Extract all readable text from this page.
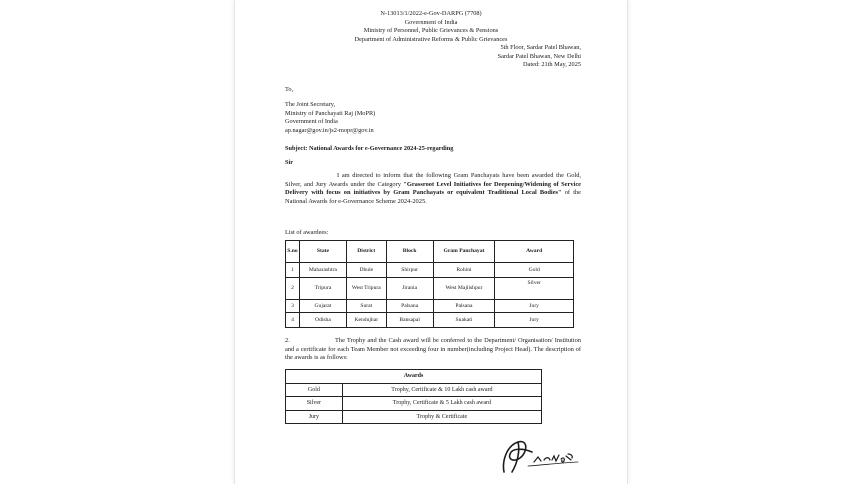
N-13013/1/2022-e-Gov-DARPG (7708)
Government of India
Ministry of Personnel, Public Grievances & Pensions
Department of Administrative Reforms & Public Grievances
5th Floor, Sardar Patel Bhawan,
Sardar Patel Bhawan, New Delhi
Dated: 21th May, 2025
To,
The Joint Secretary,
Ministry of Panchayati Raj (MoPR)
Government of India
ap.nagar@gov.in/js2-mopr@gov.in
Subject: National Awards for e-Governance 2024-25-regarding
Sir
I am directed to inform that the following Gram Panchayats have been awarded the Gold, Silver, and Jury Awards under the Category "Grassroot Level Initiatives for Deepening/Widening of Service Delivery with focus on initiatives by Gram Panchayats or equivalent Traditional Local Bodies" of the National Awards for e-Governance Scheme 2024-2025.
List of awardees:
S.no	State	District	Block	Gram Panchayat	Award
1	Maharashtra	Dhule	Shirpur	Rohini	Gold
2	Tripura	West Tripura	Jirania	West Majlishpur	Silver
3	Gujarat	Surat	Palsana	Palsana	Jury
4	Odisha	Kendujhar	Bansapal	Suakati	Jury
2.	The Trophy and the Cash award will be conferred to the Department/ Organisation/ Institution and a certificate for each Team Member not exceeding four in number(including Project Head). The description of the awards is as follows:
Awards	
Gold	Trophy, Certificate & 10 Lakh cash award
Silver	Trophy, Certificate & 5 Lakh cash award
Jury	Trophy & Certificate
